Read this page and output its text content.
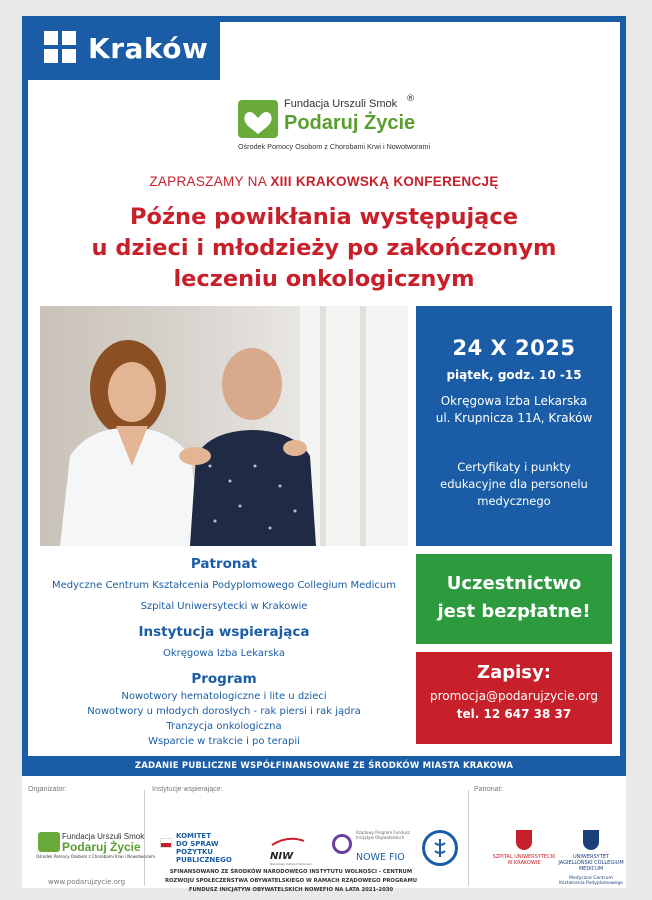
Kraków
Fundacja Urszuli Smok ®
Podaruj Życie
Ośrodek Pomocy Osobom z Chorobami Krwi i Nowotworami
ZAPRASZAMY NA XIII KRAKOWSKĄ KONFERENCJĘ
Późne powikłania występujące
u dzieci i młodzieży po zakończonym
leczeniu onkologicznym
24 X 2025
piątek, godz. 10 -15
Okręgowa Izba Lekarska
ul. Krupnicza 11A, Kraków
Certyfikaty i punkty edukacyjne dla personelu medycznego
Uczestnictwo
jest bezpłatne!
Zapisy:
promocja@podarujzycie.org
tel. 12 647 38 37
Patronat
Medyczne Centrum Kształcenia Podyplomowego Collegium Medicum
Szpital Uniwersytecki w Krakowie
Instytucja wspierająca
Okręgowa Izba Lekarska
Program
Nowotwory hematologiczne i lite u dzieci
Nowotwory u młodych dorosłych - rak piersi i rak jądra
Tranzycja onkologiczna
Wsparcie w trakcie i po terapii
ZADANIE PUBLICZNE WSPÓŁFINANSOWANE ZE ŚRODKÓW MIASTA KRAKOWA
Organizator:	Instytucje wspierające:	Patronat:
Fundacja Urszuli Smok
Podaruj Życie
Ośrodek Pomocy Osobom z Chorobami Krwi i Nowotworami
www.podarujzycie.org
KOMITET
DO SPRAW
POŻYTKU
PUBLICZNEGO	NIW
Narodowy Instytut Wolności
Rządowy Program Fundusz Inicjatyw Obywatelskich
NOWE FIO
SFINANSOWANO ZE ŚRODKÓW NARODOWEGO INSTYTUTU WOLNOŚCI - CENTRUM
ROZWOJU SPOŁECZEŃSTWA OBYWATELSKIEGO W RAMACH RZĄDOWEGO PROGRAMU
FUNDUSZ INICJATYW OBYWATELSKICH NOWEFIO NA LATA 2021-2030
SZPITAL UNIWERSYTECKI W KRAKOWIE
UNIWERSYTET JAGIELLOŃSKI COLLEGIUM MEDICUM
Medyczne Centrum Kształcenia Podyplomowego
